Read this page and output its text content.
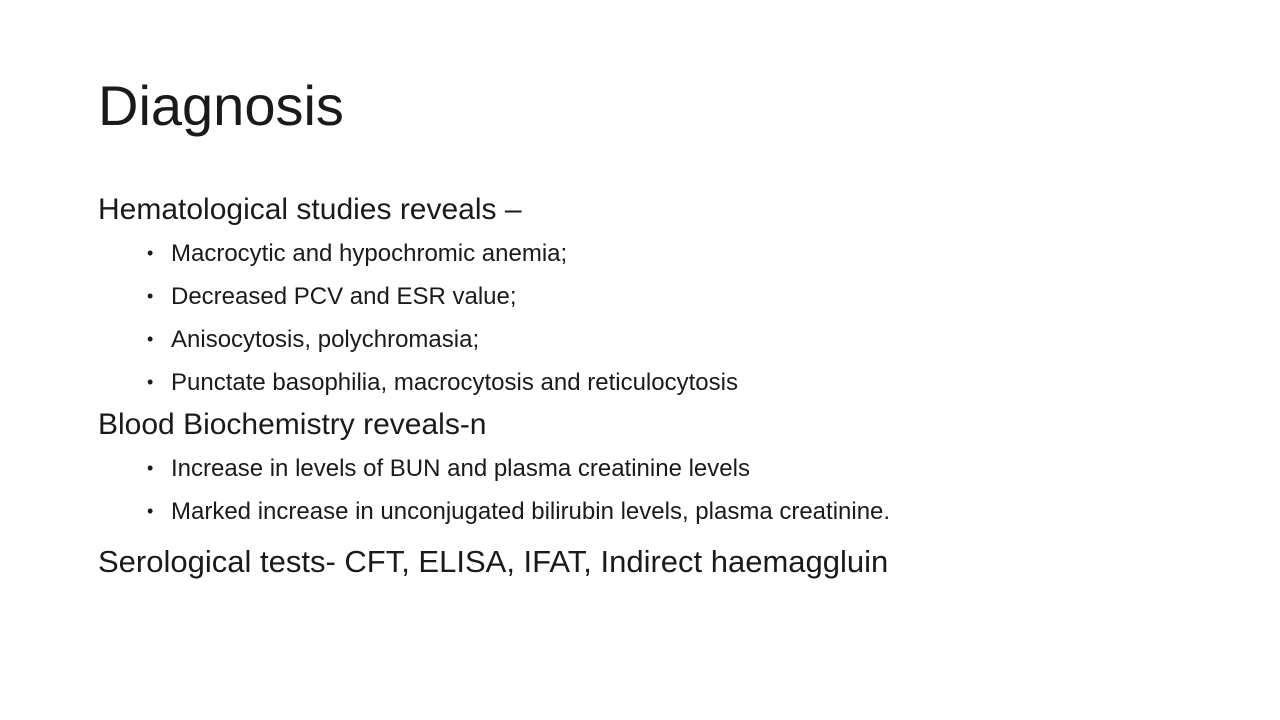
Diagnosis
Hematological studies reveals –
• Macrocytic and hypochromic anemia;
• Decreased PCV and ESR value;
• Anisocytosis, polychromasia;
• Punctate basophilia, macrocytosis and reticulocytosis
Blood Biochemistry reveals-n
• Increase in levels of BUN and plasma creatinine levels
• Marked increase in unconjugated bilirubin levels, plasma creatinine.
Serological tests- CFT, ELISA, IFAT, Indirect haemaggluin
